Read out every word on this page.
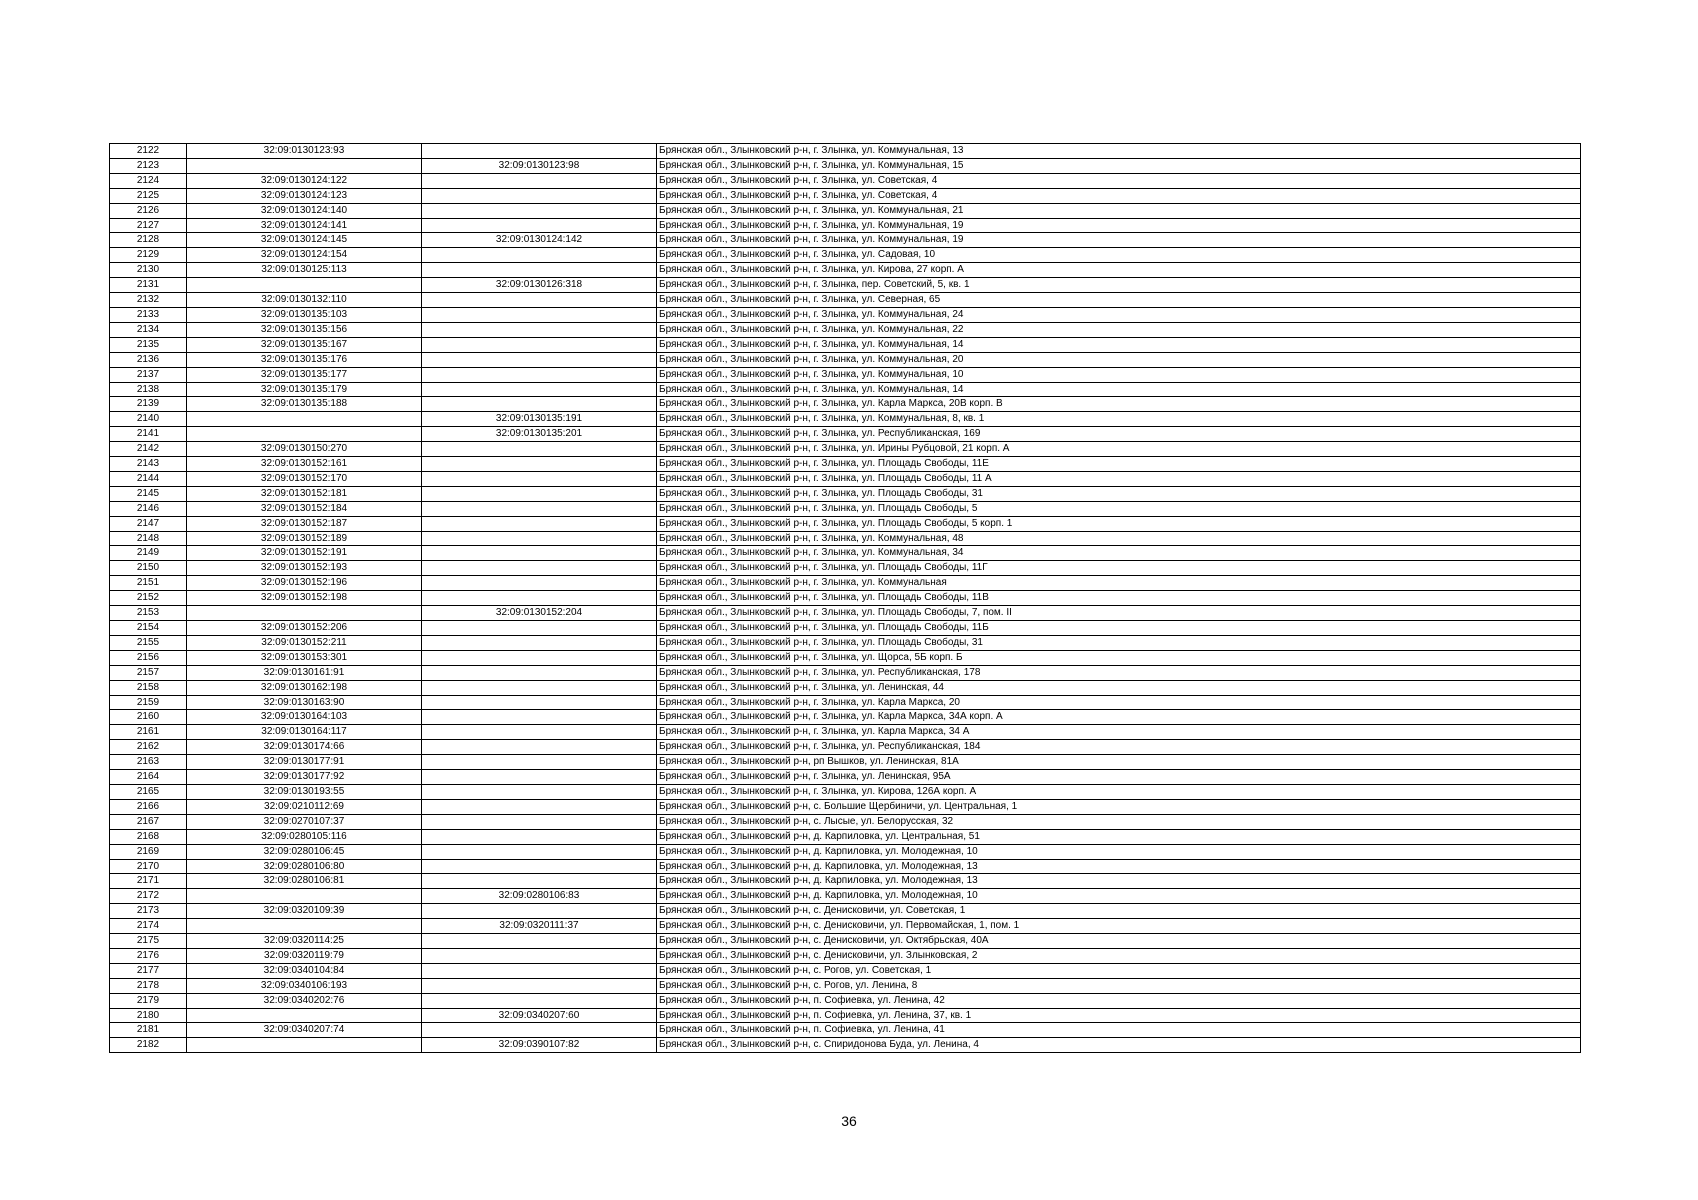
2122	32:09:0130123:93		Брянская обл., Злынковский р-н, г. Злынка, ул. Коммунальная, 13
2123		32:09:0130123:98	Брянская обл., Злынковский р-н, г. Злынка, ул. Коммунальная, 15
2124	32:09:0130124:122		Брянская обл., Злынковский р-н, г. Злынка, ул. Советская, 4
2125	32:09:0130124:123		Брянская обл., Злынковский р-н, г. Злынка, ул. Советская, 4
2126	32:09:0130124:140		Брянская обл., Злынковский р-н, г. Злынка, ул. Коммунальная, 21
2127	32:09:0130124:141		Брянская обл., Злынковский р-н, г. Злынка, ул. Коммунальная, 19
2128	32:09:0130124:145	32:09:0130124:142	Брянская обл., Злынковский р-н, г. Злынка, ул. Коммунальная, 19
2129	32:09:0130124:154		Брянская обл., Злынковский р-н, г. Злынка, ул. Садовая, 10
2130	32:09:0130125:113		Брянская обл., Злынковский р-н, г. Злынка, ул. Кирова, 27 корп. А
2131		32:09:0130126:318	Брянская обл., Злынковский р-н, г. Злынка, пер. Советский, 5, кв. 1
2132	32:09:0130132:110		Брянская обл., Злынковский р-н, г. Злынка, ул. Северная, 65
2133	32:09:0130135:103		Брянская обл., Злынковский р-н, г. Злынка, ул. Коммунальная, 24
2134	32:09:0130135:156		Брянская обл., Злынковский р-н, г. Злынка, ул. Коммунальная, 22
2135	32:09:0130135:167		Брянская обл., Злынковский р-н, г. Злынка, ул. Коммунальная, 14
2136	32:09:0130135:176		Брянская обл., Злынковский р-н, г. Злынка, ул. Коммунальная, 20
2137	32:09:0130135:177		Брянская обл., Злынковский р-н, г. Злынка, ул. Коммунальная, 10
2138	32:09:0130135:179		Брянская обл., Злынковский р-н, г. Злынка, ул. Коммунальная, 14
2139	32:09:0130135:188		Брянская обл., Злынковский р-н, г. Злынка, ул. Карла Маркса, 20В корп. В
2140		32:09:0130135:191	Брянская обл., Злынковский р-н, г. Злынка, ул. Коммунальная, 8, кв. 1
2141		32:09:0130135:201	Брянская обл., Злынковский р-н, г. Злынка, ул. Республиканская, 169
2142	32:09:0130150:270		Брянская обл., Злынковский р-н, г. Злынка, ул. Ирины Рубцовой, 21 корп. А
2143	32:09:0130152:161		Брянская обл., Злынковский р-н, г. Злынка, ул. Площадь Свободы, 11Е
2144	32:09:0130152:170		Брянская обл., Злынковский р-н, г. Злынка, ул. Площадь Свободы, 11 А
2145	32:09:0130152:181		Брянская обл., Злынковский р-н, г. Злынка, ул. Площадь Свободы, 31
2146	32:09:0130152:184		Брянская обл., Злынковский р-н, г. Злынка, ул. Площадь Свободы, 5
2147	32:09:0130152:187		Брянская обл., Злынковский р-н, г. Злынка, ул. Площадь Свободы, 5 корп. 1
2148	32:09:0130152:189		Брянская обл., Злынковский р-н, г. Злынка, ул. Коммунальная, 48
2149	32:09:0130152:191		Брянская обл., Злынковский р-н, г. Злынка, ул. Коммунальная, 34
2150	32:09:0130152:193		Брянская обл., Злынковский р-н, г. Злынка, ул. Площадь Свободы, 11Г
2151	32:09:0130152:196		Брянская обл., Злынковский р-н, г. Злынка, ул. Коммунальная
2152	32:09:0130152:198		Брянская обл., Злынковский р-н, г. Злынка, ул. Площадь Свободы, 11В
2153		32:09:0130152:204	Брянская обл., Злынковский р-н, г. Злынка, ул. Площадь Свободы, 7, пом. II
2154	32:09:0130152:206		Брянская обл., Злынковский р-н, г. Злынка, ул. Площадь Свободы, 11Б
2155	32:09:0130152:211		Брянская обл., Злынковский р-н, г. Злынка, ул. Площадь Свободы, 31
2156	32:09:0130153:301		Брянская обл., Злынковский р-н, г. Злынка, ул. Щорса, 5Б корп. Б
2157	32:09:0130161:91		Брянская обл., Злынковский р-н, г. Злынка, ул. Республиканская, 178
2158	32:09:0130162:198		Брянская обл., Злынковский р-н, г. Злынка, ул. Ленинская, 44
2159	32:09:0130163:90		Брянская обл., Злынковский р-н, г. Злынка, ул. Карла Маркса, 20
2160	32:09:0130164:103		Брянская обл., Злынковский р-н, г. Злынка, ул. Карла Маркса, 34А корп. А
2161	32:09:0130164:117		Брянская обл., Злынковский р-н, г. Злынка, ул. Карла Маркса, 34 А
2162	32:09:0130174:66		Брянская обл., Злынковский р-н, г. Злынка, ул. Республиканская, 184
2163	32:09:0130177:91		Брянская обл., Злынковский р-н, рп Вышков, ул. Ленинская, 81А
2164	32:09:0130177:92		Брянская обл., Злынковский р-н, г. Злынка, ул. Ленинская, 95А
2165	32:09:0130193:55		Брянская обл., Злынковский р-н, г. Злынка, ул. Кирова, 126А корп. А
2166	32:09:0210112:69		Брянская обл., Злынковский р-н, с. Большие Щербиничи, ул. Центральная, 1
2167	32:09:0270107:37		Брянская обл., Злынковский р-н, с. Лысые, ул. Белорусская, 32
2168	32:09:0280105:116		Брянская обл., Злынковский р-н, д. Карпиловка, ул. Центральная, 51
2169	32:09:0280106:45		Брянская обл., Злынковский р-н, д. Карпиловка, ул. Молодежная, 10
2170	32:09:0280106:80		Брянская обл., Злынковский р-н, д. Карпиловка, ул. Молодежная, 13
2171	32:09:0280106:81		Брянская обл., Злынковский р-н, д. Карпиловка, ул. Молодежная, 13
2172		32:09:0280106:83	Брянская обл., Злынковский р-н, д. Карпиловка, ул. Молодежная, 10
2173	32:09:0320109:39		Брянская обл., Злынковский р-н, с. Денисковичи, ул. Советская, 1
2174		32:09:0320111:37	Брянская обл., Злынковский р-н, с. Денисковичи, ул. Первомайская, 1, пом. 1
2175	32:09:0320114:25		Брянская обл., Злынковский р-н, с. Денисковичи, ул. Октябрьская, 40А
2176	32:09:0320119:79		Брянская обл., Злынковский р-н, с. Денисковичи, ул. Злынковская, 2
2177	32:09:0340104:84		Брянская обл., Злынковский р-н, с. Рогов, ул. Советская, 1
2178	32:09:0340106:193		Брянская обл., Злынковский р-н, с. Рогов, ул. Ленина, 8
2179	32:09:0340202:76		Брянская обл., Злынковский р-н, п. Софиевка, ул. Ленина, 42
2180		32:09:0340207:60	Брянская обл., Злынковский р-н, п. Софиевка, ул. Ленина, 37, кв. 1
2181	32:09:0340207:74		Брянская обл., Злынковский р-н, п. Софиевка, ул. Ленина, 41
2182		32:09:0390107:82	Брянская обл., Злынковский р-н, с. Спиридонова Буда, ул. Ленина, 4
36
